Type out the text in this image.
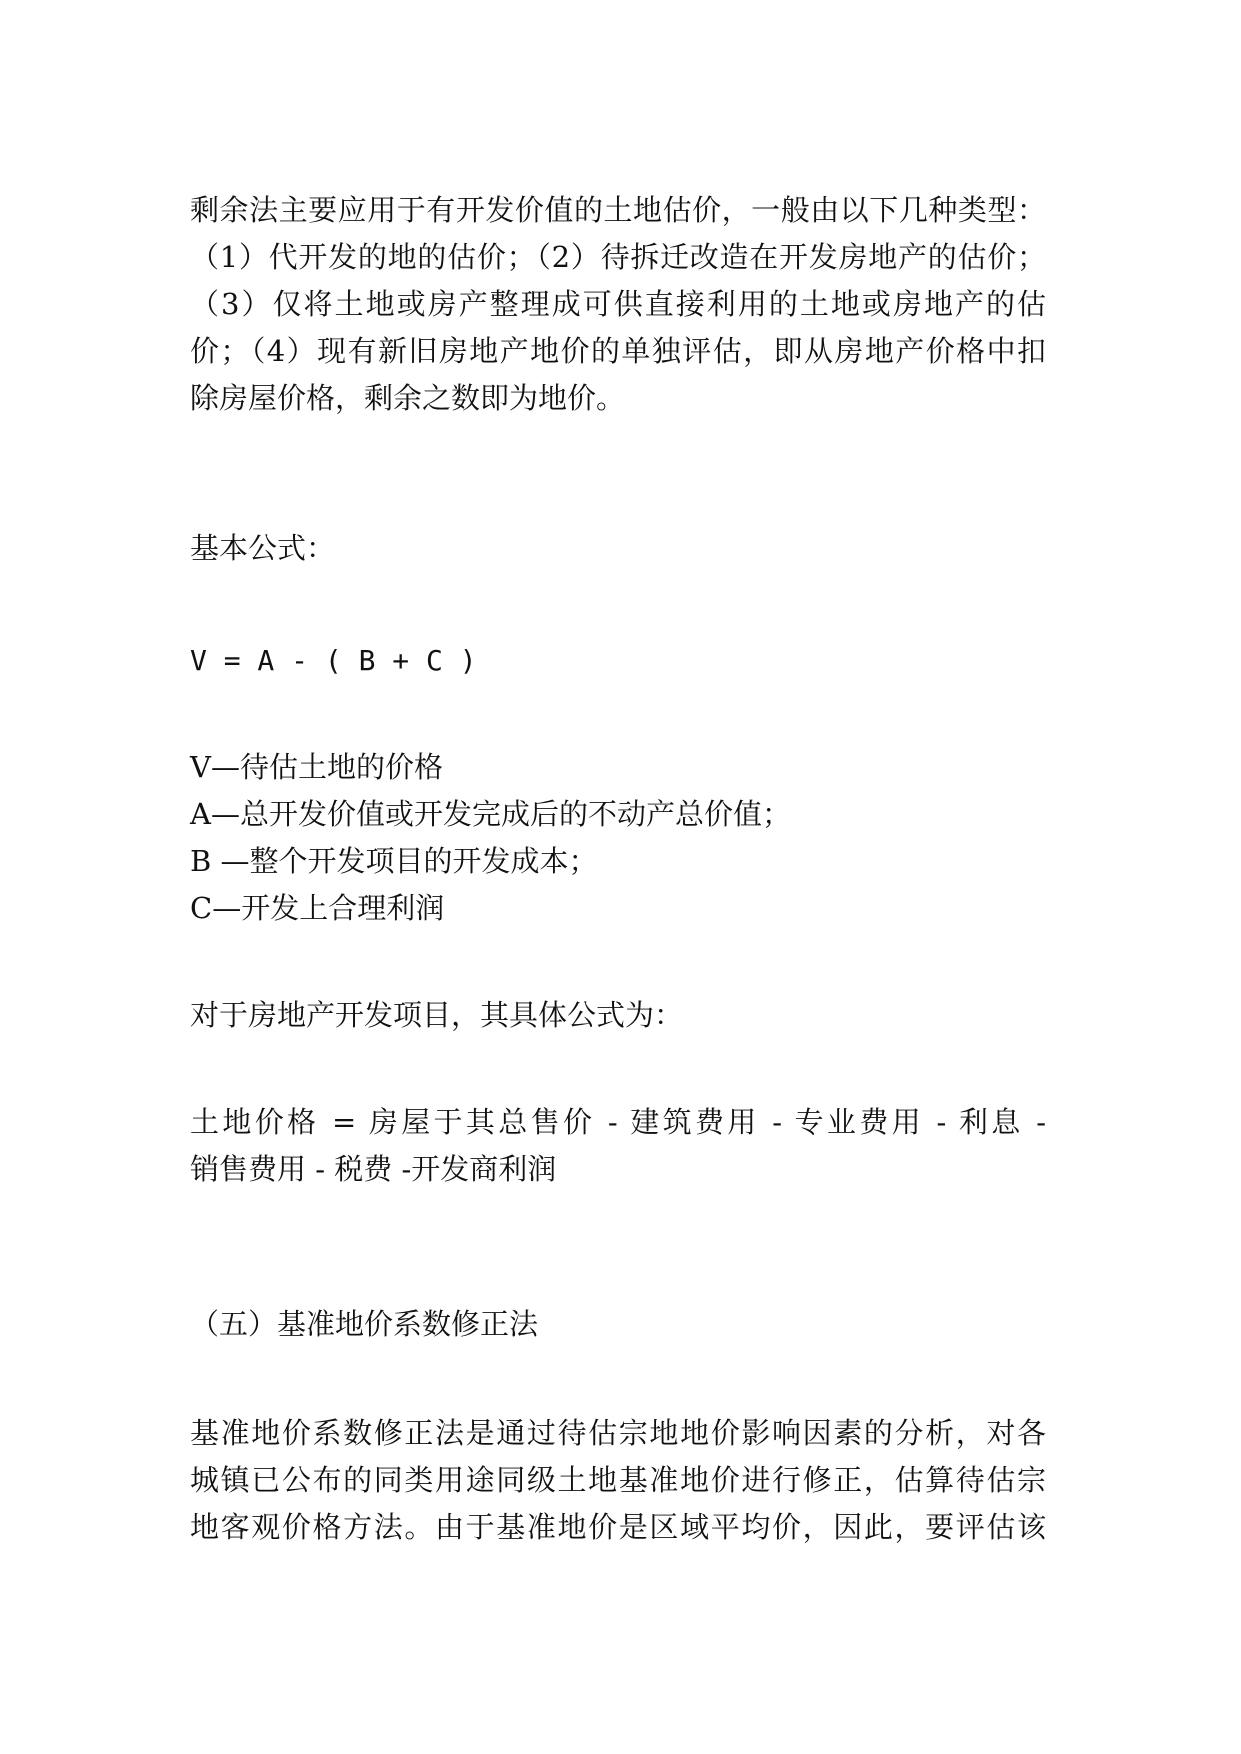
剩余法主要应用于有开发价值的土地估价，一般由以下几种类型：
（1）代开发的地的估价；（2）待拆迁改造在开发房地产的估价；
（3）仅将土地或房产整理成可供直接利用的土地或房地产的估
价；（4）现有新旧房地产地价的单独评估，即从房地产价格中扣
除房屋价格，剩余之数即为地价。
基本公式：
V = A - ( B + C )
V—待估土地的价格
A—总开发价值或开发完成后的不动产总价值；
B —整个开发项目的开发成本；
C—开发上合理利润
对于房地产开发项目，其具体公式为：
土地价格 = 房屋于其总售价 - 建筑费用 - 专业费用 - 利息 -
销售费用 - 税费 -开发商利润
（五）基准地价系数修正法
基准地价系数修正法是通过待估宗地地价影响因素的分析，对各
城镇已公布的同类用途同级土地基准地价进行修正，估算待估宗
地客观价格方法。由于基准地价是区域平均价，因此，要评估该
